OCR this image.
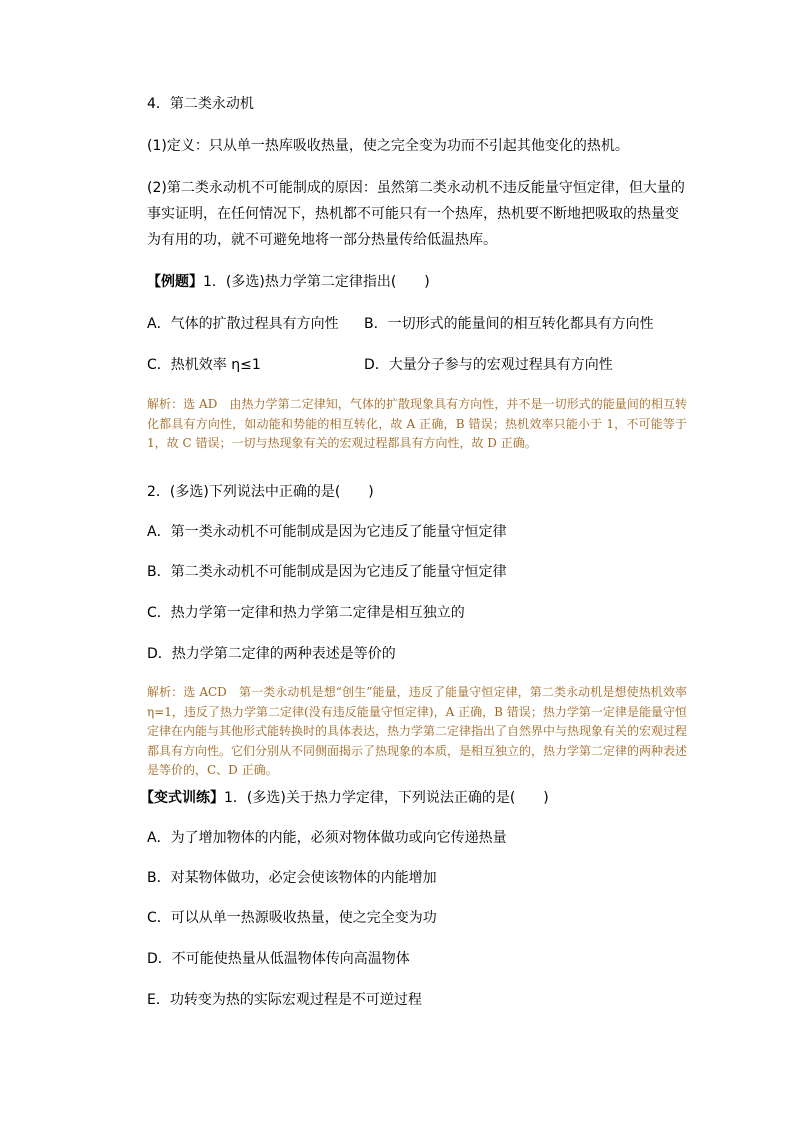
4．第二类永动机
(1)定义：只从单一热库吸收热量，使之完全变为功而不引起其他变化的热机。
(2)第二类永动机不可能制成的原因：虽然第二类永动机不违反能量守恒定律，但大量的事实证明，在任何情况下，热机都不可能只有一个热库，热机要不断地把吸取的热量变为有用的功，就不可避免地将一部分热量传给低温热库。
【例题】1．(多选)热力学第二定律指出(　　)
A．气体的扩散过程具有方向性 B．一切形式的能量间的相互转化都具有方向性
C．热机效率 η≤1	D．大量分子参与的宏观过程具有方向性
解析：选 AD　由热力学第二定律知，气体的扩散现象具有方向性，并不是一切形式的能量间的相互转化都具有方向性，如动能和势能的相互转化，故 A 正确，B 错误；热机效率只能小于 1，不可能等于 1，故 C 错误；一切与热现象有关的宏观过程都具有方向性，故 D 正确。
2．(多选)下列说法中正确的是(　　)
A．第一类永动机不可能制成是因为它违反了能量守恒定律
B．第二类永动机不可能制成是因为它违反了能量守恒定律
C．热力学第一定律和热力学第二定律是相互独立的
D．热力学第二定律的两种表述是等价的
解析：选 ACD　第一类永动机是想“创生”能量，违反了能量守恒定律，第二类永动机是想使热机效率 η=1，违反了热力学第二定律(没有违反能量守恒定律)，A 正确，B 错误；热力学第一定律是能量守恒定律在内能与其他形式能转换时的具体表达，热力学第二定律指出了自然界中与热现象有关的宏观过程都具有方向性。它们分别从不同侧面揭示了热现象的本质，是相互独立的，热力学第二定律的两种表述是等价的，C、D 正确。
【变式训练】1．(多选)关于热力学定律，下列说法正确的是(　　)
A．为了增加物体的内能，必须对物体做功或向它传递热量
B．对某物体做功，必定会使该物体的内能增加
C．可以从单一热源吸收热量，使之完全变为功
D．不可能使热量从低温物体传向高温物体
E．功转变为热的实际宏观过程是不可逆过程
